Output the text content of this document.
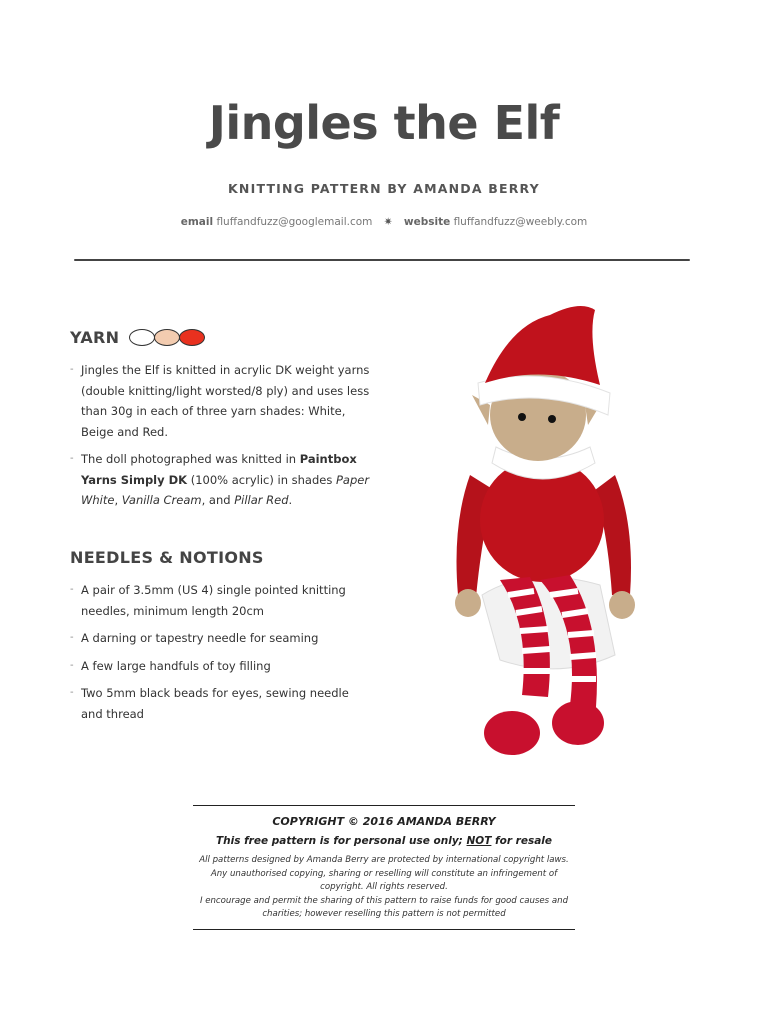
Jingles the Elf
KNITTING PATTERN BY AMANDA BERRY
email fluffandfuzz@googlemail.com ✷ website fluffandfuzz@weebly.com
YARN
- Jingles the Elf is knitted in acrylic DK weight yarns (double knitting/light worsted/8 ply) and uses less than 30g in each of three yarn shades: White, Beige and Red.
- The doll photographed was knitted in Paintbox Yarns Simply DK (100% acrylic) in shades Paper White, Vanilla Cream, and Pillar Red.
NEEDLES & NOTIONS
- A pair of 3.5mm (US 4) single pointed knitting needles, minimum length 20cm
- A darning or tapestry needle for seaming
- A few large handfuls of toy filling
- Two 5mm black beads for eyes, sewing needle and thread
COPYRIGHT © 2016 AMANDA BERRY
This free pattern is for personal use only; NOT for resale
All patterns designed by Amanda Berry are protected by international copyright laws. Any unauthorised copying, sharing or reselling will constitute an infringement of copyright. All rights reserved.
I encourage and permit the sharing of this pattern to raise funds for good causes and charities; however reselling this pattern is not permitted
